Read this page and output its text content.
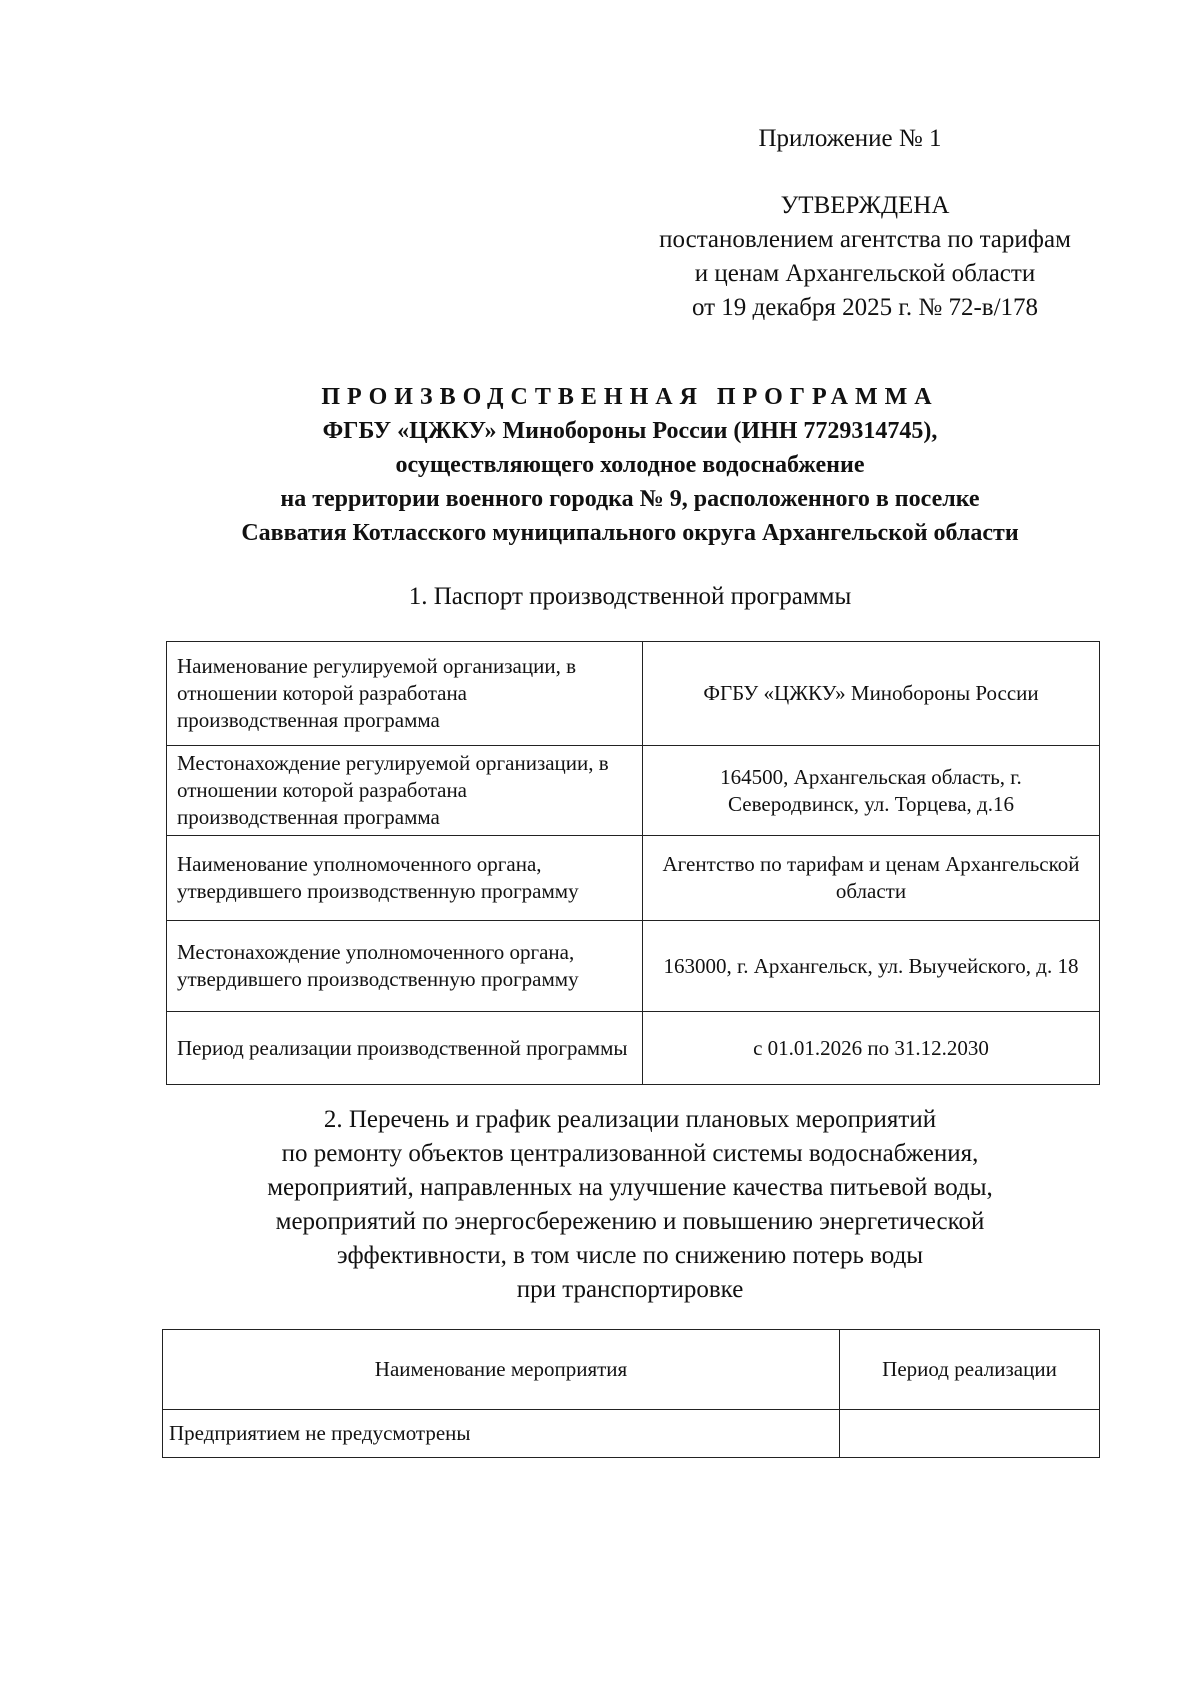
Приложение № 1
УТВЕРЖДЕНА
постановлением агентства по тарифам
и ценам Архангельской области
от 19 декабря 2025 г. № 72-в/178
ПРОИЗВОДСТВЕННАЯ ПРОГРАММА
ФГБУ «ЦЖКУ» Минобороны России (ИНН 7729314745),
осуществляющего холодное водоснабжение
на территории военного городка № 9, расположенного в поселке
Савватия Котласского муниципального округа Архангельской области
1. Паспорт производственной программы
Наименование регулируемой организации, в отношении которой разработана производственная программа	ФГБУ «ЦЖКУ» Минобороны России
Местонахождение регулируемой организации, в отношении которой разработана производственная программа	164500, Архангельская область, г. Северодвинск, ул. Торцева, д.16
Наименование уполномоченного органа, утвердившего производственную программу	Агентство по тарифам и ценам Архангельской области
Местонахождение уполномоченного органа, утвердившего производственную программу	163000, г. Архангельск, ул. Выучейского, д. 18
Период реализации производственной программы	с 01.01.2026 по 31.12.2030
2. Перечень и график реализации плановых мероприятий
по ремонту объектов централизованной системы водоснабжения,
мероприятий, направленных на улучшение качества питьевой воды,
мероприятий по энергосбережению и повышению энергетической
эффективности, в том числе по снижению потерь воды
при транспортировке
Наименование мероприятия	Период реализации
Предприятием не предусмотрены	
